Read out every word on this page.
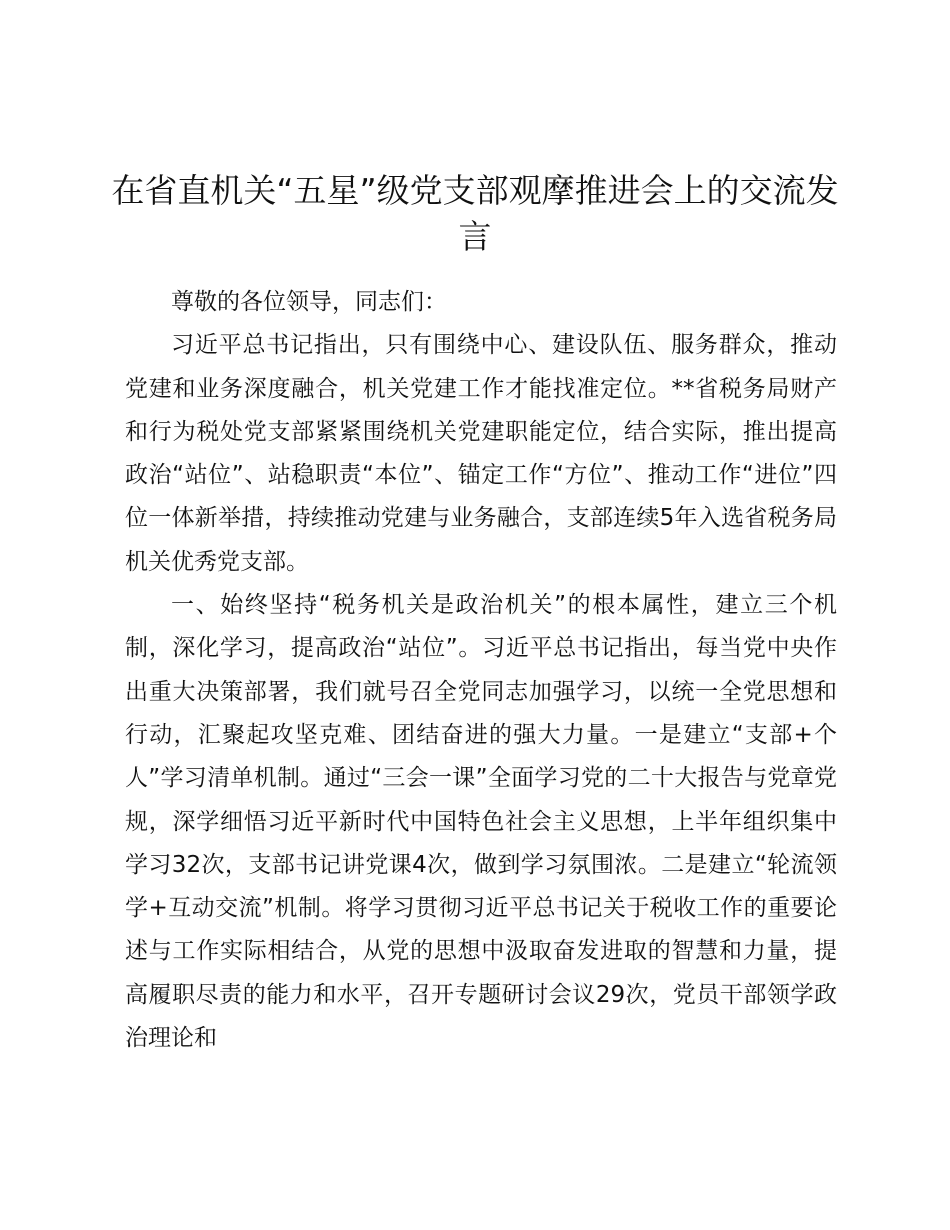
在省直机关“五星”级党支部观摩推进会上的交流发言

尊敬的各位领导，同志们：

习近平总书记指出，只有围绕中心、建设队伍、服务群众，推动党建和业务深度融合，机关党建工作才能找准定位。**省税务局财产和行为税处党支部紧紧围绕机关党建职能定位，结合实际，推出提高政治“站位”、站稳职责“本位”、锚定工作“方位”、推动工作“进位”四位一体新举措，持续推动党建与业务融合，支部连续5年入选省税务局机关优秀党支部。

一、始终坚持“税务机关是政治机关”的根本属性，建立三个机制，深化学习，提高政治“站位”。习近平总书记指出，每当党中央作出重大决策部署，我们就号召全党同志加强学习，以统一全党思想和行动，汇聚起攻坚克难、团结奋进的强大力量。一是建立“支部+个人”学习清单机制。通过“三会一课”全面学习党的二十大报告与党章党规，深学细悟习近平新时代中国特色社会主义思想，上半年组织集中学习32次，支部书记讲党课4次，做到学习氛围浓。二是建立“轮流领学+互动交流”机制。将学习贯彻习近平总书记关于税收工作的重要论述与工作实际相结合，从党的思想中汲取奋发进取的智慧和力量，提高履职尽责的能力和水平，召开专题研讨会议29次，党员干部领学政治理论和
